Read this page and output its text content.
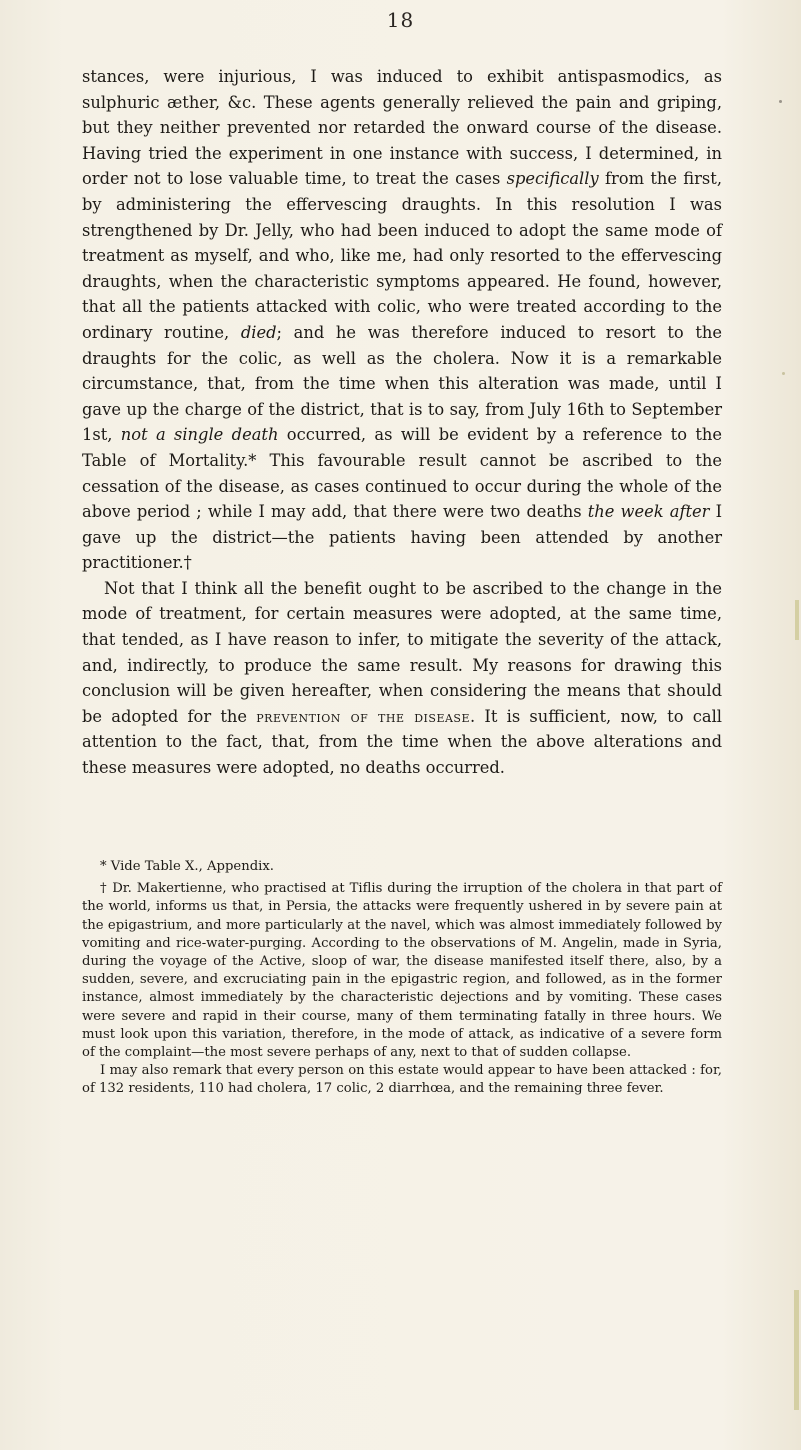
18

stances, were injurious, I was induced to exhibit antispasmodics, as sulphuric æther, &c. These agents generally relieved the pain and griping, but they neither prevented nor retarded the onward course of the disease. Having tried the experiment in one instance with success, I determined, in order not to lose valuable time, to treat the cases specifically from the first, by administering the effervescing draughts. In this resolution I was strengthened by Dr. Jelly, who had been induced to adopt the same mode of treatment as myself, and who, like me, had only resorted to the effervescing draughts, when the characteristic symptoms appeared. He found, however, that all the patients attacked with colic, who were treated according to the ordinary routine, died; and he was therefore induced to resort to the draughts for the colic, as well as the cholera. Now it is a remarkable circumstance, that, from the time when this alteration was made, until I gave up the charge of the district, that is to say, from July 16th to September 1st, not a single death occurred, as will be evident by a reference to the Table of Mortality.* This favourable result cannot be ascribed to the cessation of the disease, as cases continued to occur during the whole of the above period ; while I may add, that there were two deaths the week after I gave up the district—the patients having been attended by another practitioner.†

Not that I think all the benefit ought to be ascribed to the change in the mode of treatment, for certain measures were adopted, at the same time, that tended, as I have reason to infer, to mitigate the severity of the attack, and, indirectly, to produce the same result. My reasons for drawing this conclusion will be given hereafter, when considering the means that should be adopted for the prevention of the disease. It is sufficient, now, to call attention to the fact, that, from the time when the above alterations and these measures were adopted, no deaths occurred.

* Vide Table X., Appendix.

† Dr. Makertienne, who practised at Tiflis during the irruption of the cholera in that part of the world, informs us that, in Persia, the attacks were frequently ushered in by severe pain at the epigastrium, and more particularly at the navel, which was almost immediately followed by vomiting and rice-water-purging. According to the observations of M. Angelin, made in Syria, during the voyage of the Active, sloop of war, the disease manifested itself there, also, by a sudden, severe, and excruciating pain in the epigastric region, and followed, as in the former instance, almost immediately by the characteristic dejections and by vomiting. These cases were severe and rapid in their course, many of them terminating fatally in three hours. We must look upon this variation, therefore, in the mode of attack, as indicative of a severe form of the complaint—the most severe perhaps of any, next to that of sudden collapse.

I may also remark that every person on this estate would appear to have been attacked : for, of 132 residents, 110 had cholera, 17 colic, 2 diarrhœa, and the remaining three fever.
